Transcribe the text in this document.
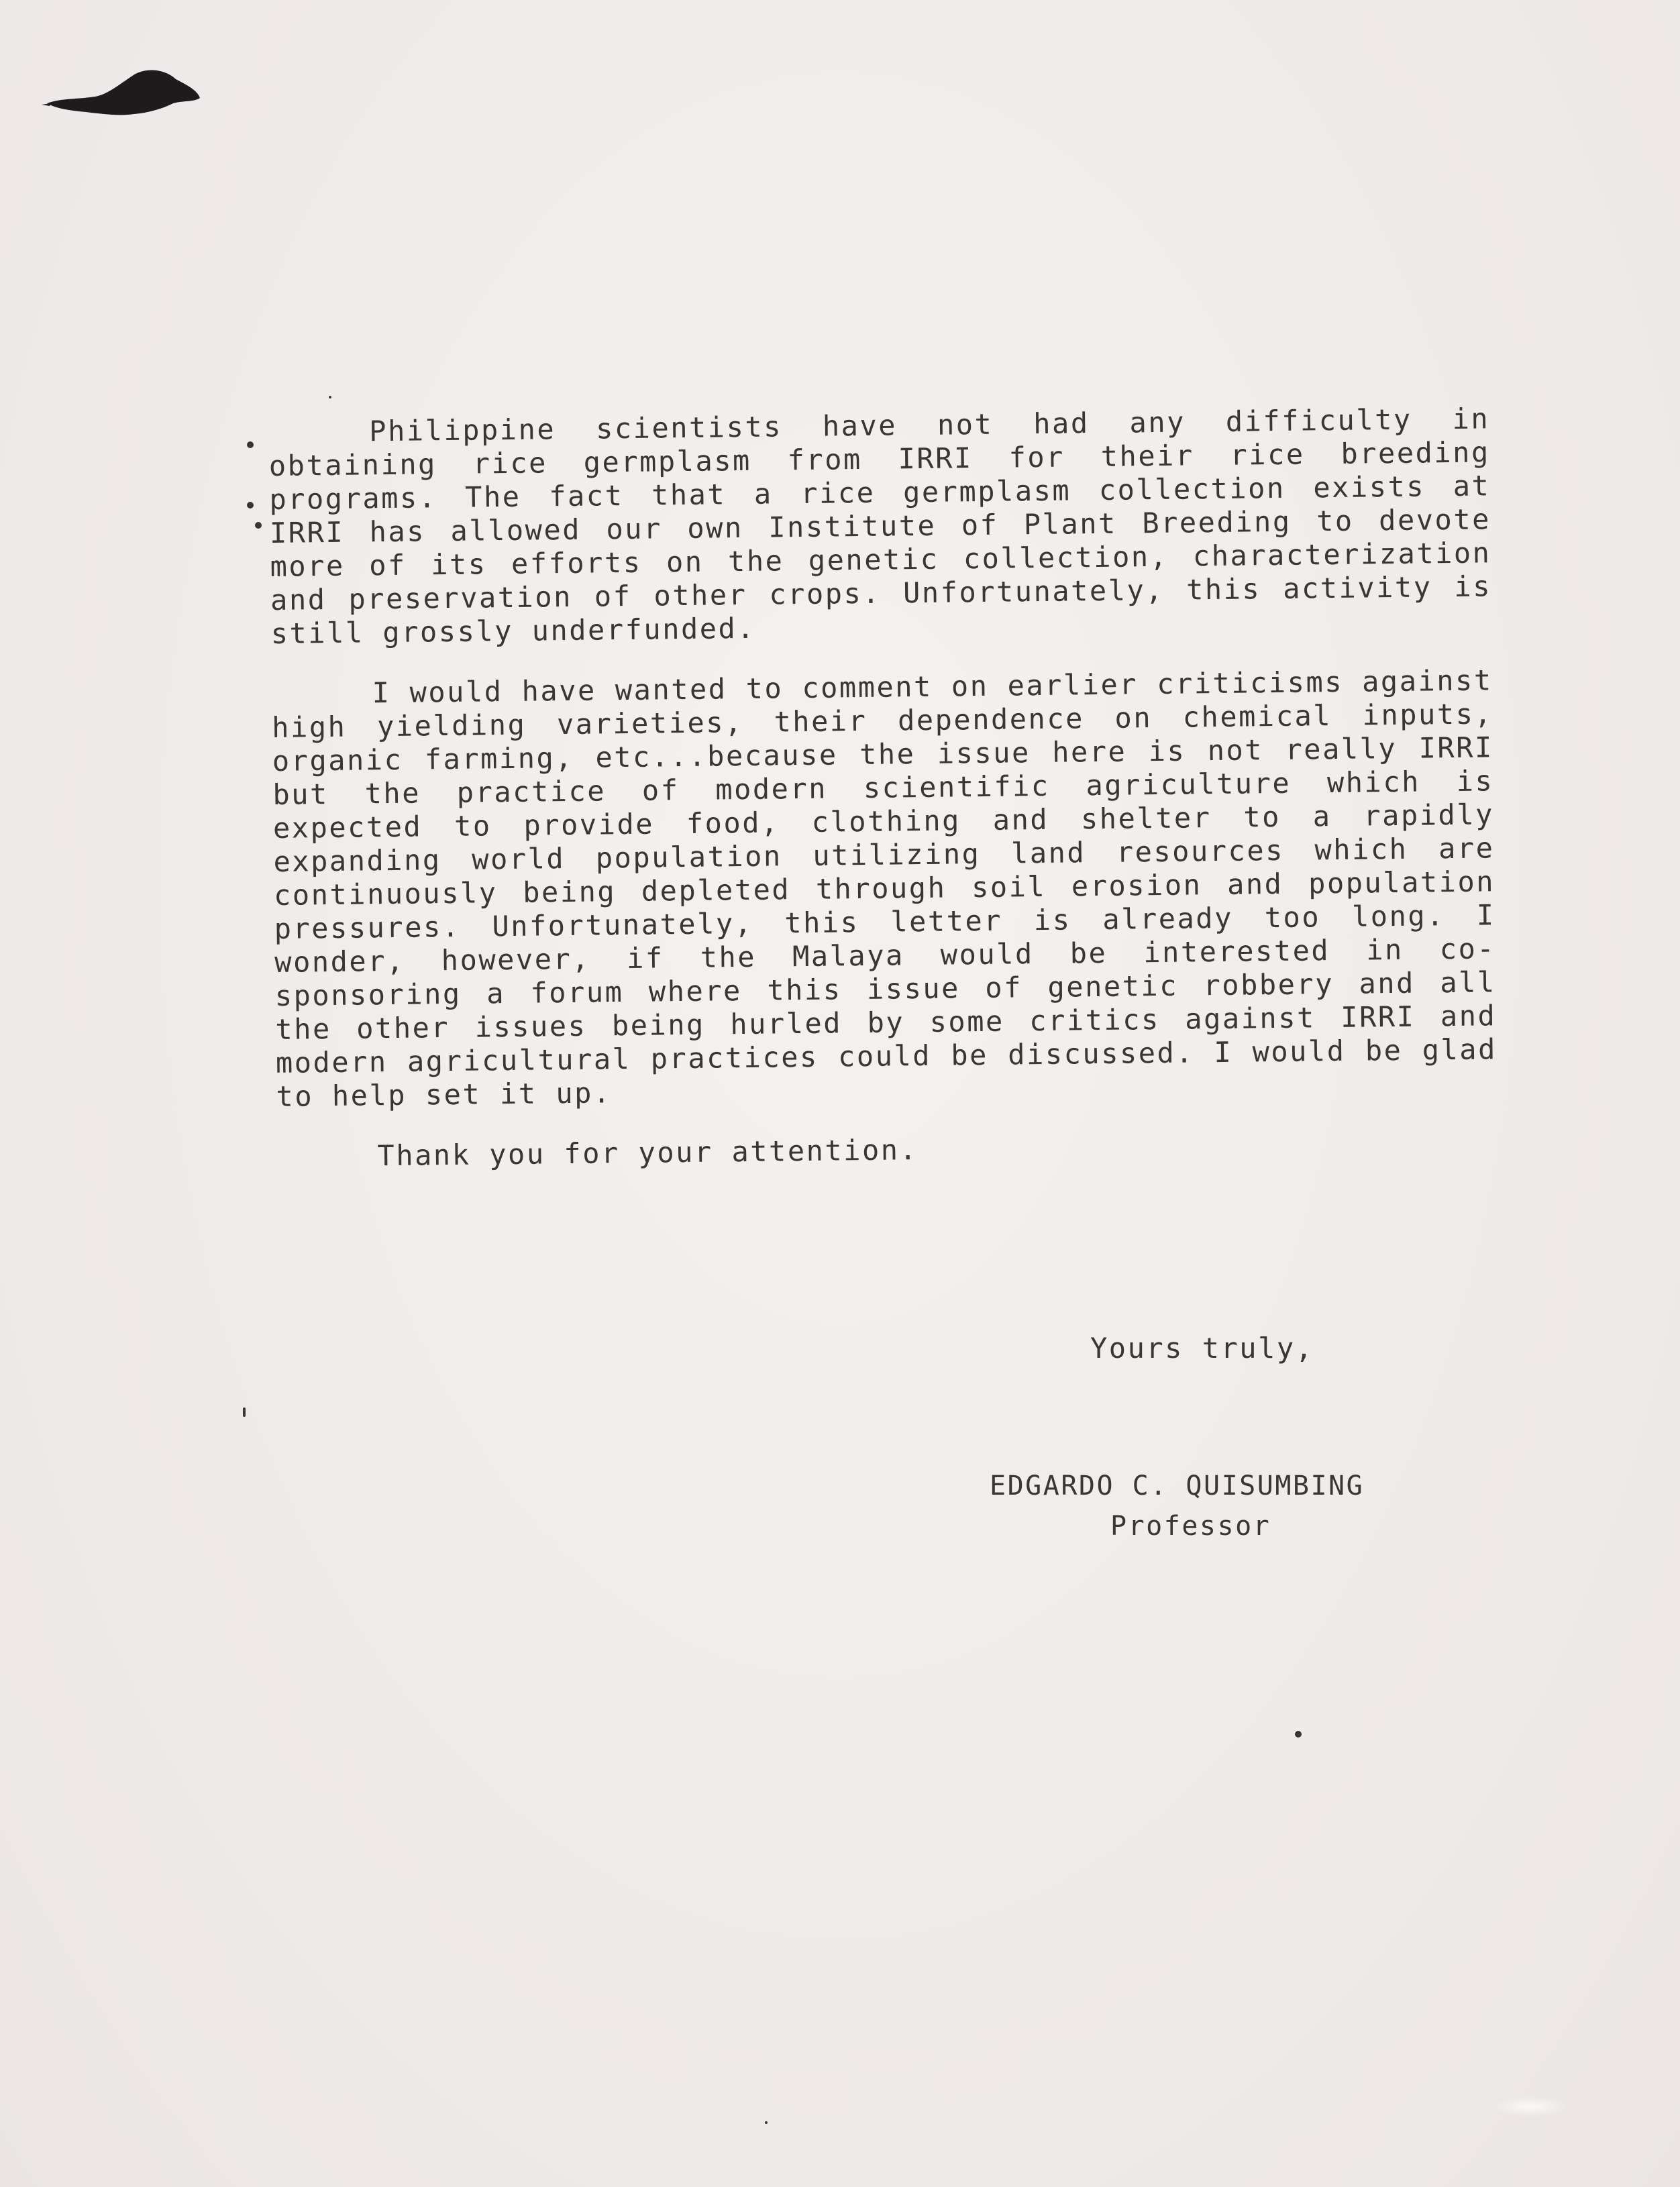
Philippine scientists have not had any difficulty in obtaining rice germplasm from IRRI for their rice breeding programs. The fact that a rice germplasm collection exists at IRRI has allowed our own Institute of Plant Breeding to devote more of its efforts on the genetic collection, characterization and preservation of other crops. Unfortunately, this activity is still grossly underfunded.

I would have wanted to comment on earlier criticisms against high yielding varieties, their dependence on chemical inputs, organic farming, etc...because the issue here is not really IRRI but the practice of modern scientific agriculture which is expected to provide food, clothing and shelter to a rapidly expanding world population utilizing land resources which are continuously being depleted through soil erosion and population pressures. Unfortunately, this letter is already too long. I wonder, however, if the Malaya would be interested in co-sponsoring a forum where this issue of genetic robbery and all the other issues being hurled by some critics against IRRI and modern agricultural practices could be discussed. I would be glad to help set it up.

Thank you for your attention.

Yours truly,
EDGARDO C. QUISUMBING
Professor
